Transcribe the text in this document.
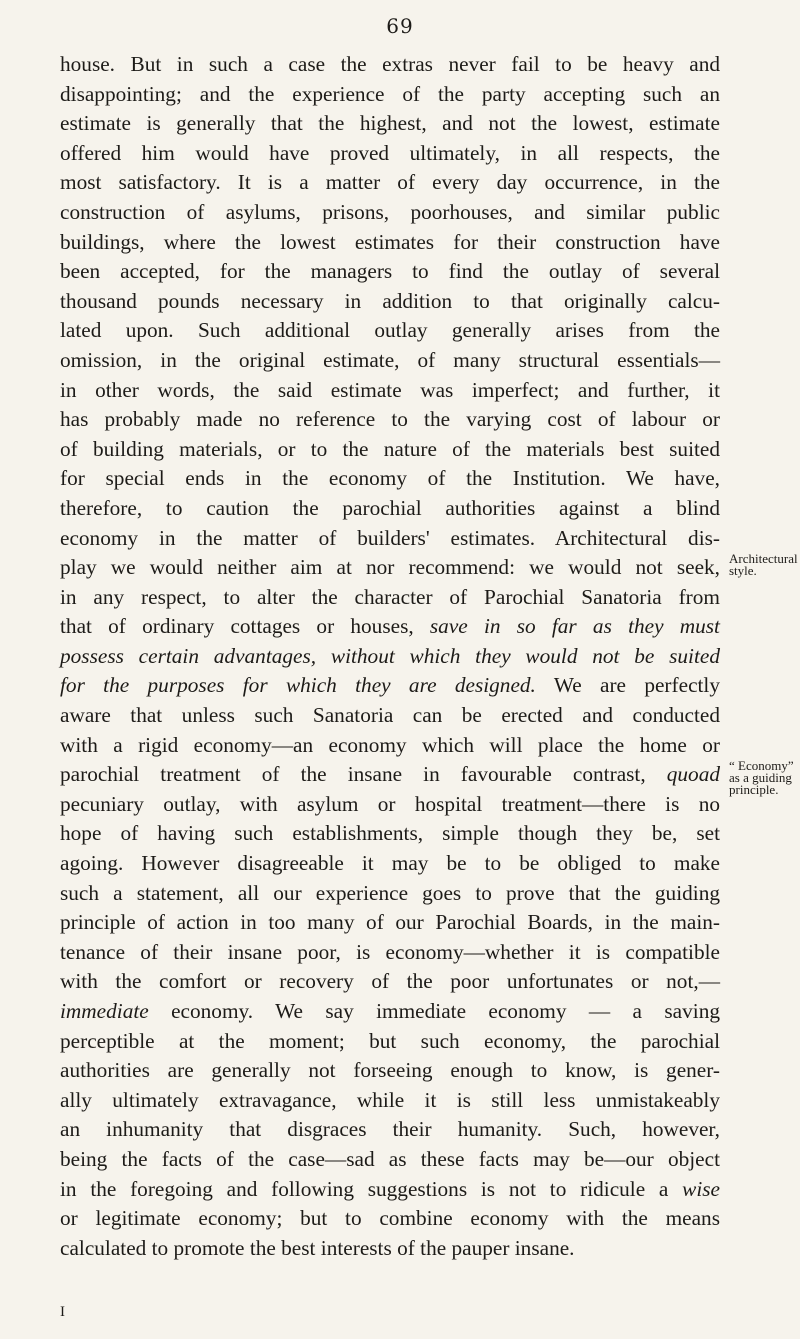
69
house. But in such a case the extras never fail to be heavy and
disappointing; and the experience of the party accepting such an
estimate is generally that the highest, and not the lowest, estimate
offered him would have proved ultimately, in all respects, the
most satisfactory. It is a matter of every day occurrence, in the
construction of asylums, prisons, poorhouses, and similar public
buildings, where the lowest estimates for their construction have
been accepted, for the managers to find the outlay of several
thousand pounds necessary in addition to that originally calcu-
lated upon. Such additional outlay generally arises from the
omission, in the original estimate, of many structural essentials—
in other words, the said estimate was imperfect; and further, it
has probably made no reference to the varying cost of labour or
of building materials, or to the nature of the materials best suited
for special ends in the economy of the Institution. We have,
therefore, to caution the parochial authorities against a blind
economy in the matter of builders' estimates. Architectural dis-
play we would neither aim at nor recommend: we would not seek,
in any respect, to alter the character of Parochial Sanatoria from
that of ordinary cottages or houses, save in so far as they must
possess certain advantages, without which they would not be suited
for the purposes for which they are designed. We are perfectly
aware that unless such Sanatoria can be erected and conducted
with a rigid economy—an economy which will place the home or
parochial treatment of the insane in favourable contrast, quoad
pecuniary outlay, with asylum or hospital treatment—there is no
hope of having such establishments, simple though they be, set
agoing. However disagreeable it may be to be obliged to make
such a statement, all our experience goes to prove that the guiding
principle of action in too many of our Parochial Boards, in the main-
tenance of their insane poor, is economy—whether it is compatible
with the comfort or recovery of the poor unfortunates or not,—
immediate economy. We say immediate economy — a saving
perceptible at the moment; but such economy, the parochial
authorities are generally not forseeing enough to know, is gener-
ally ultimately extravagance, while it is still less unmistakeably
an inhumanity that disgraces their humanity. Such, however,
being the facts of the case—sad as these facts may be—our object
in the foregoing and following suggestions is not to ridicule a wise
or legitimate economy; but to combine economy with the means
calculated to promote the best interests of the pauper insane.
Architectural
style.
“ Economy”
as a guiding
principle.
I
